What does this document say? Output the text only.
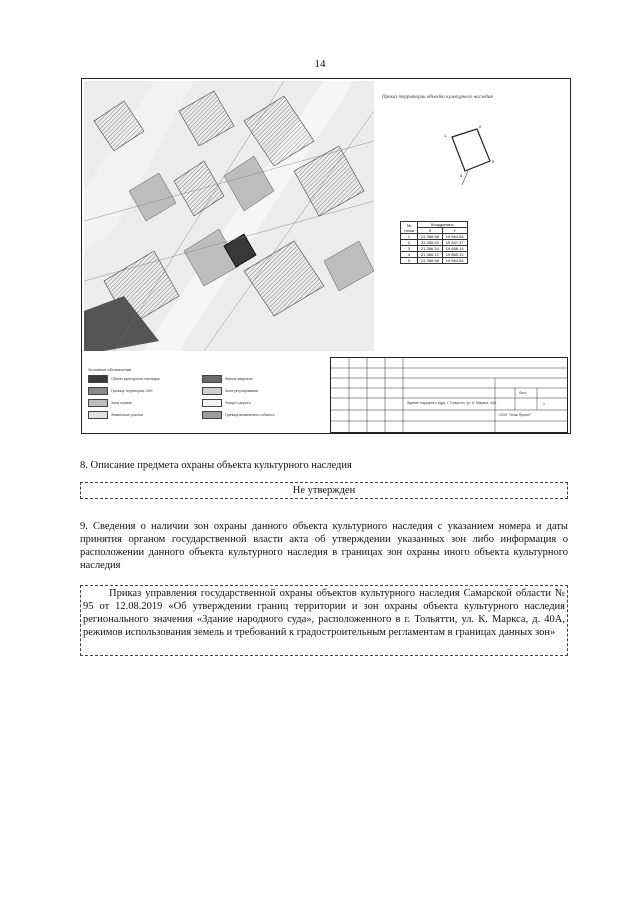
14
Приказ территории объекта культурного наследия
1
2
3
4
№
точки	Координаты	
	X	Y
1	21 368.98	19 864.54
2	21 358.63	19 847.37
3	21 356.34	19 858.14
4	21 366.12	19 865.12
5	21 368.98	19 864.54
Условные обозначения
Объект культурного наследия
Граница территории ОКН
Зона охраны
Земельные участки
Жилые кварталы
Зона регулирования
Улицы и дороги
Граница выявленного объекта
Здание народного суда, г. Тольятти, ул. К. Маркса, 40А
ООО "Этаж Проект"
Лист
1
8. Описание предмета охраны объекта культурного наследия
Не утвержден
9. Сведения о наличии зон охраны данного объекта культурного наследия с указанием номера и даты принятия органом государственной власти акта об утверждении указанных зон либо информация о расположении данного объекта культурного наследия в границах зон охраны иного объекта культурного наследия
Приказ управления государственной охраны объектов культурного наследия Самарской области № 95 от 12.08.2019 «Об утверждении границ территории и зон охраны объекта культурного наследия регионального значения «Здание народного суда», расположенного в г. Тольятти, ул. К. Маркса, д. 40А, режимов использования земель и требований к градостроительным регламентам в границах данных зон»
